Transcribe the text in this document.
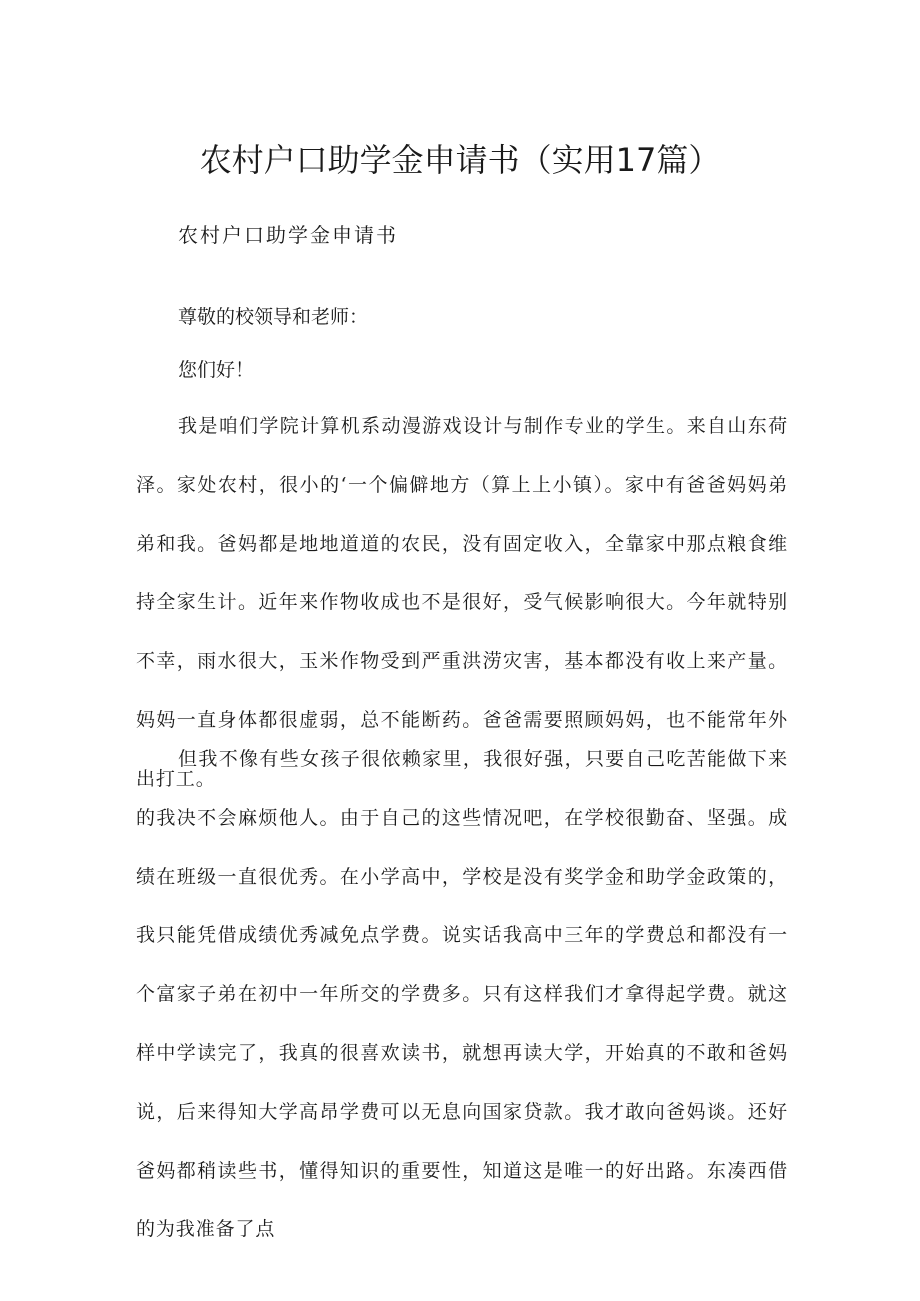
农村户口助学金申请书（实用17篇）
农村户口助学金申请书
尊敬的校领导和老师：
您们好！
我是咱们学院计算机系动漫游戏设计与制作专业的学生。来自山东荷泽。家处农村，很小的‘一个偏僻地方（算上上小镇）。家中有爸爸妈妈弟弟和我。爸妈都是地地道道的农民，没有固定收入，全靠家中那点粮食维持全家生计。近年来作物收成也不是很好，受气候影响很大。今年就特别不幸，雨水很大，玉米作物受到严重洪涝灾害，基本都没有收上来产量。妈妈一直身体都很虚弱，总不能断药。爸爸需要照顾妈妈，也不能常年外出打工。
但我不像有些女孩子很依赖家里，我很好强，只要自己吃苦能做下来的我决不会麻烦他人。由于自己的这些情况吧，在学校很勤奋、坚强。成绩在班级一直很优秀。在小学高中，学校是没有奖学金和助学金政策的，我只能凭借成绩优秀减免点学费。说实话我高中三年的学费总和都没有一个富家子弟在初中一年所交的学费多。只有这样我们才拿得起学费。就这样中学读完了，我真的很喜欢读书，就想再读大学，开始真的不敢和爸妈说，后来得知大学高昂学费可以无息向国家贷款。我才敢向爸妈谈。还好爸妈都稍读些书，懂得知识的重要性，知道这是唯一的好出路。东凑西借的为我准备了点
